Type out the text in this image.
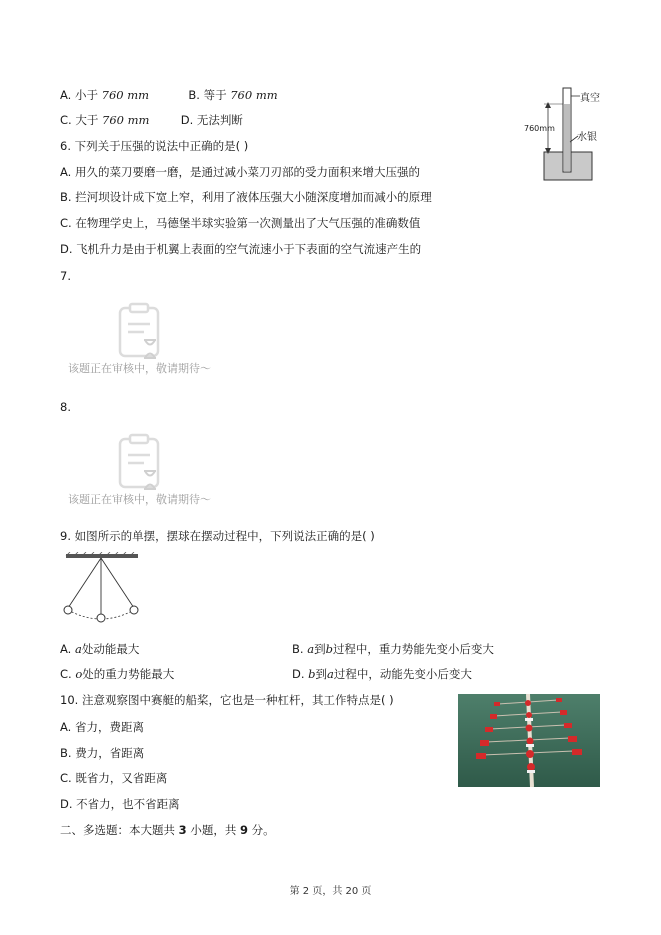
A. 小于 760 mm	B. 等于 760 mm
C. 大于 760 mm	D. 无法判断
真空
水银
760mm
6. 下列关于压强的说法中正确的是( )
A. 用久的菜刀要磨一磨，是通过减小菜刀刃部的受力面积来增大压强的
B. 拦河坝设计成下宽上窄，利用了液体压强大小随深度增加而减小的原理
C. 在物理学史上，马德堡半球实验第一次测量出了大气压强的准确数值
D. 飞机升力是由于机翼上表面的空气流速小于下表面的空气流速产生的
7.
该题正在审核中，敬请期待～
8.
该题正在审核中，敬请期待～
9. 如图所示的单摆，摆球在摆动过程中，下列说法正确的是( )
A. a处动能最大	B. a到b过程中，重力势能先变小后变大
C. o处的重力势能最大	D. b到a过程中，动能先变小后变大
10. 注意观察图中赛艇的船桨，它也是一种杠杆，其工作特点是( )
A. 省力，费距离
B. 费力，省距离
C. 既省力，又省距离
D. 不省力，也不省距离
二、多选题：本大题共 3 小题，共 9 分。
第 2 页，共 20 页
